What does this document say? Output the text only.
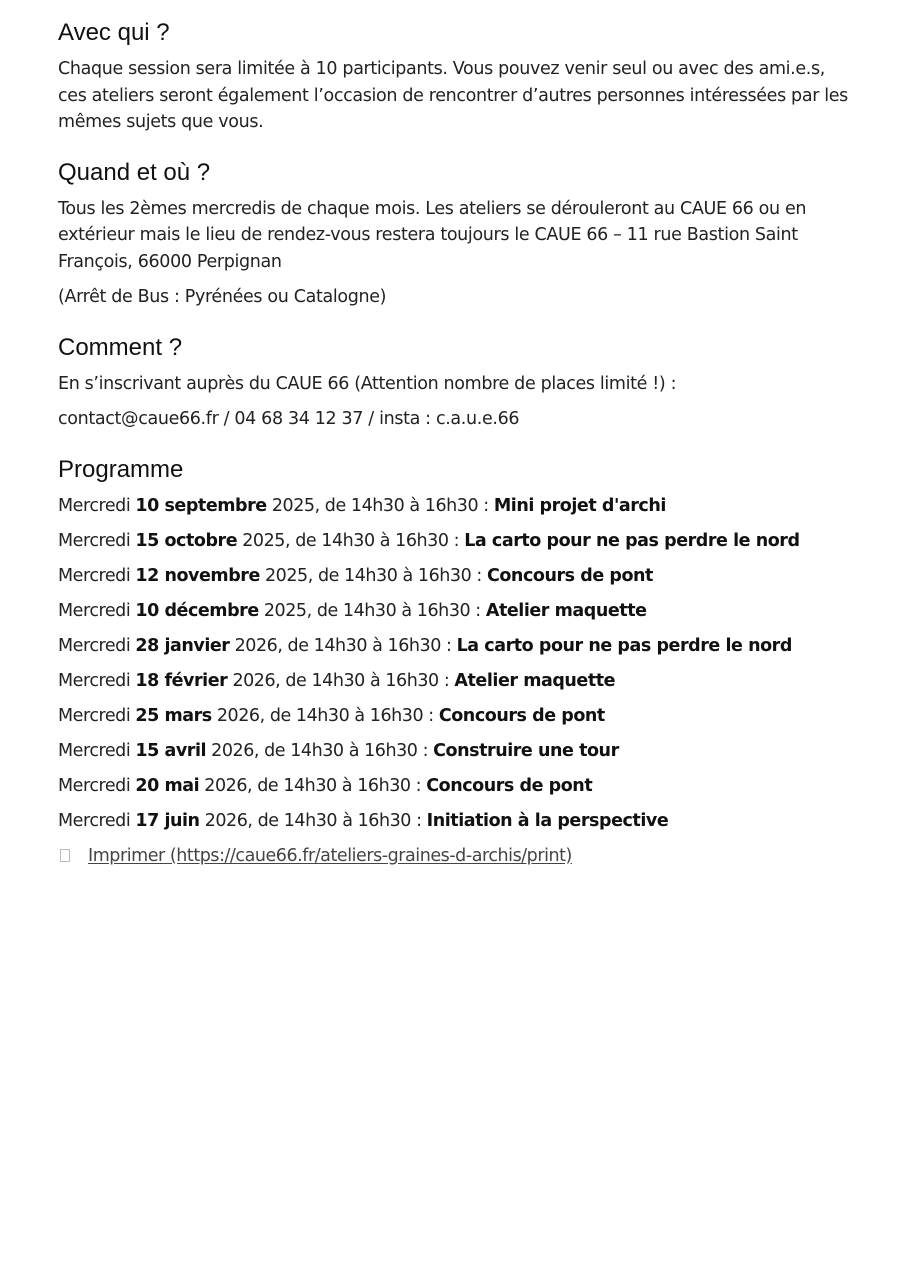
Avec qui ?

Chaque session sera limitée à 10 participants. Vous pouvez venir seul ou avec des ami.e.s, ces ateliers seront également l’occasion de rencontrer d’autres personnes intéressées par les mêmes sujets que vous.

Quand et où ?

Tous les 2èmes mercredis de chaque mois. Les ateliers se dérouleront au CAUE 66 ou en extérieur mais le lieu de rendez-vous restera toujours le CAUE 66 – 11 rue Bastion Saint François, 66000 Perpignan

(Arrêt de Bus : Pyrénées ou Catalogne)

Comment ?

En s’inscrivant auprès du CAUE 66 (Attention nombre de places limité !) :

contact@caue66.fr / 04 68 34 12 37 / insta : c.a.u.e.66

Programme
Mercredi 10 septembre 2025, de 14h30 à 16h30 : Mini projet d'archi
Mercredi 15 octobre 2025, de 14h30 à 16h30 : La carto pour ne pas perdre le nord
Mercredi 12 novembre 2025, de 14h30 à 16h30 : Concours de pont
Mercredi 10 décembre 2025, de 14h30 à 16h30 : Atelier maquette
Mercredi 28 janvier 2026, de 14h30 à 16h30 : La carto pour ne pas perdre le nord
Mercredi 18 février 2026, de 14h30 à 16h30 : Atelier maquette
Mercredi 25 mars 2026, de 14h30 à 16h30 : Concours de pont
Mercredi 15 avril 2026, de 14h30 à 16h30 : Construire une tour
Mercredi 20 mai 2026, de 14h30 à 16h30 : Concours de pont
Mercredi 17 juin 2026, de 14h30 à 16h30 : Initiation à la perspective
Imprimer (https://caue66.fr/ateliers-graines-d-archis/print)
